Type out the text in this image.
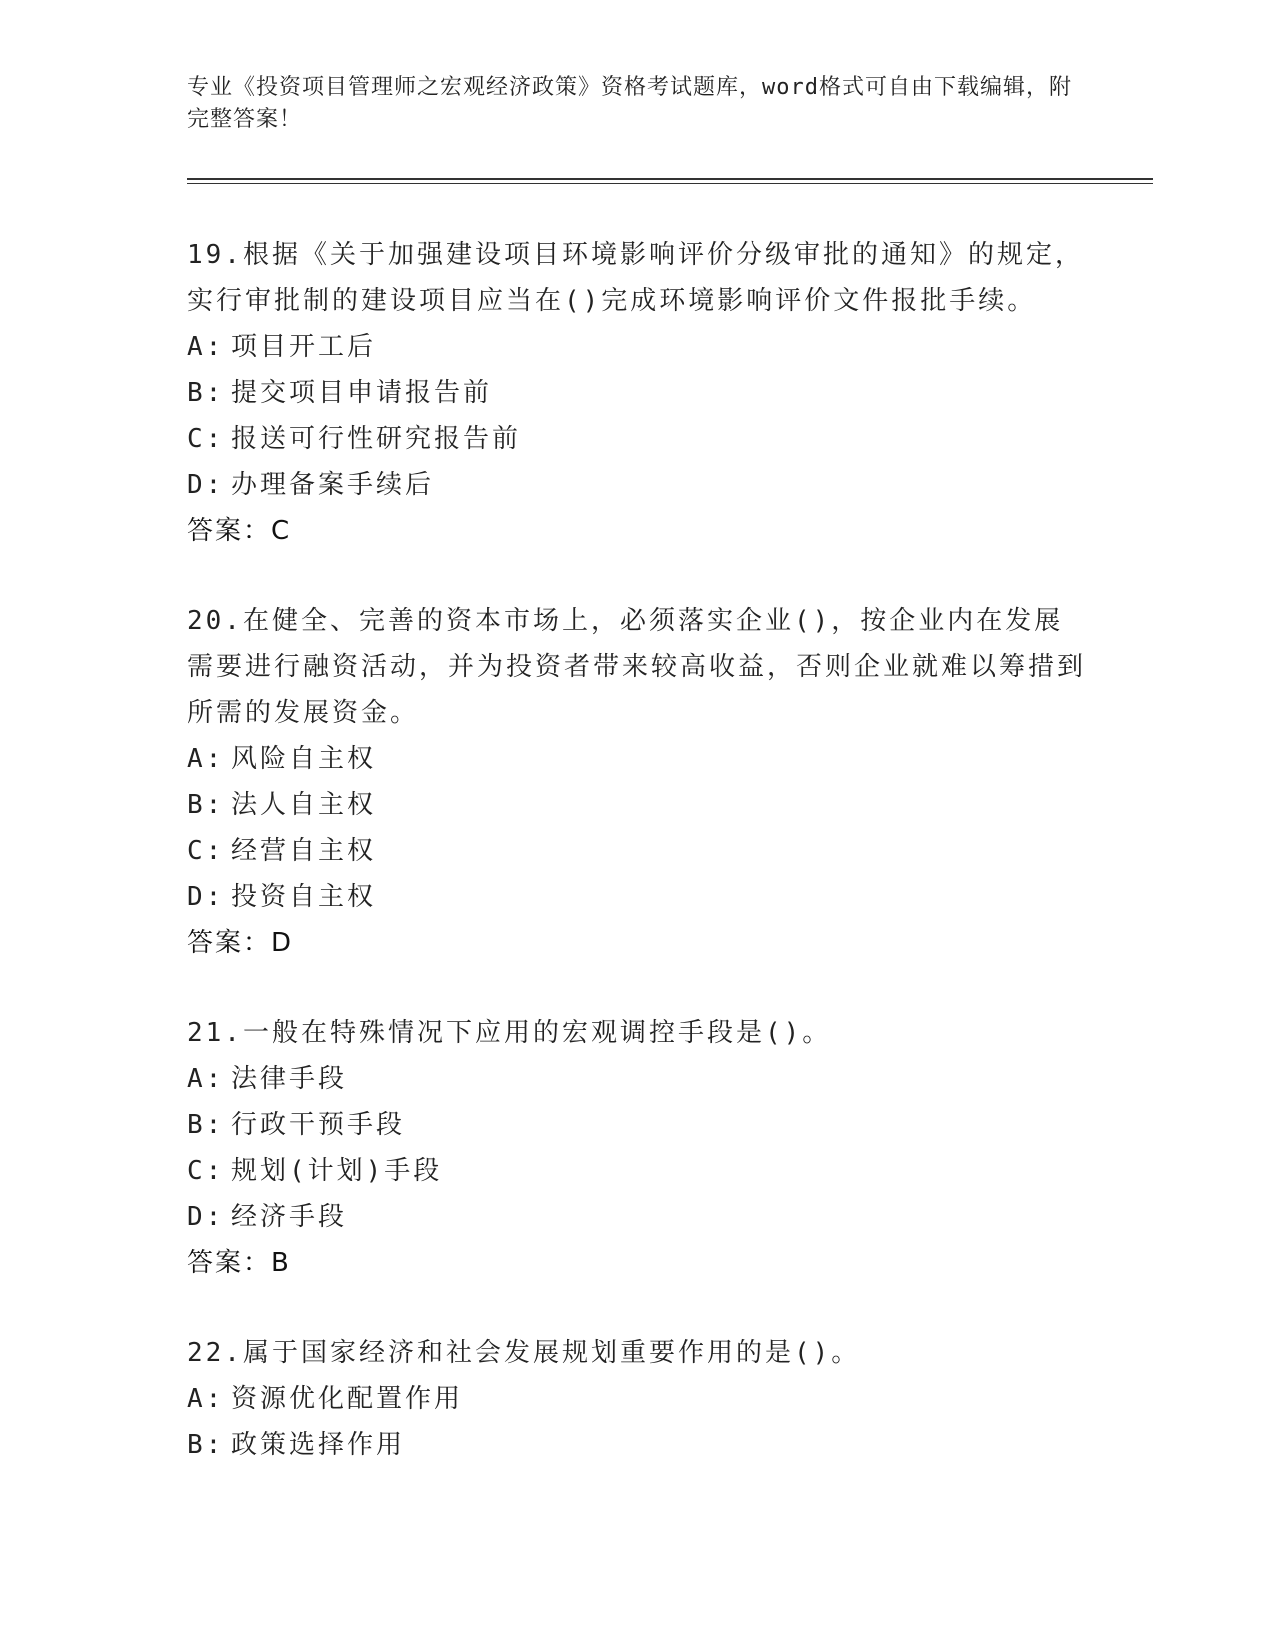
专业《投资项目管理师之宏观经济政策》资格考试题库，word格式可自由下载编辑，附完整答案！

19.根据《关于加强建设项目环境影响评价分级审批的通知》的规定，实行审批制的建设项目应当在()完成环境影响评价文件报批手续。

A: 项目开工后

B: 提交项目申请报告前

C: 报送可行性研究报告前

D: 办理备案手续后

答案：C

20.在健全、完善的资本市场上，必须落实企业()，按企业内在发展需要进行融资活动，并为投资者带来较高收益，否则企业就难以筹措到所需的发展资金。

A: 风险自主权

B: 法人自主权

C: 经营自主权

D: 投资自主权

答案：D

21.一般在特殊情况下应用的宏观调控手段是()。

A: 法律手段

B: 行政干预手段

C: 规划(计划)手段

D: 经济手段

答案：B

22.属于国家经济和社会发展规划重要作用的是()。

A: 资源优化配置作用

B: 政策选择作用
